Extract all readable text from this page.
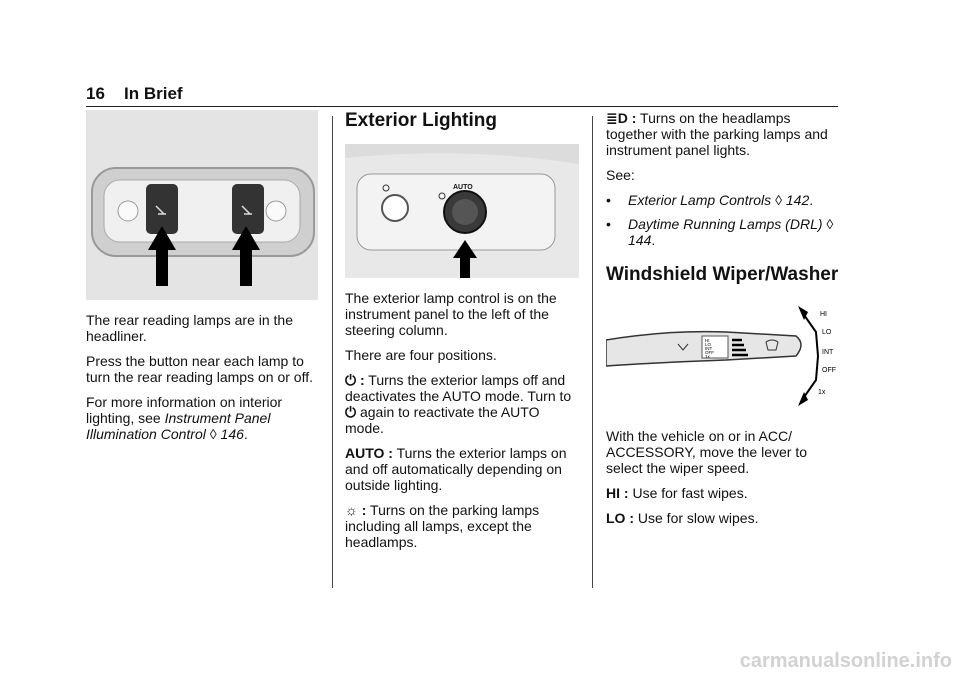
16 In Brief

The rear reading lamps are in the headliner.

Press the button near each lamp to turn the rear reading lamps on or off.

For more information on interior lighting, see Instrument Panel Illumination Control ◊ 146.

Exterior Lighting
AUTO

The exterior lamp control is on the instrument panel to the left of the steering column.

There are four positions.

⏻ : Turns the exterior lamps off and deactivates the AUTO mode. Turn to ⏻ again to reactivate the AUTO mode.

AUTO : Turns the exterior lamps on and off automatically depending on outside lighting.

☼ : Turns on the parking lamps including all lamps, except the headlamps.

≣D : Turns on the headlamps together with the parking lamps and instrument panel lights.

See:

•	Exterior Lamp Controls ◊ 142.
•	Daytime Running Lamps (DRL) ◊ 144.
Windshield Wiper/Washer
HI
LO
INT
OFF
1x
HI
LO
INT
OFF
1x

With the vehicle on or in ACC/ ACCESSORY, move the lever to select the wiper speed.

HI : Use for fast wipes.

LO : Use for slow wipes.

carmanualsonline.info
